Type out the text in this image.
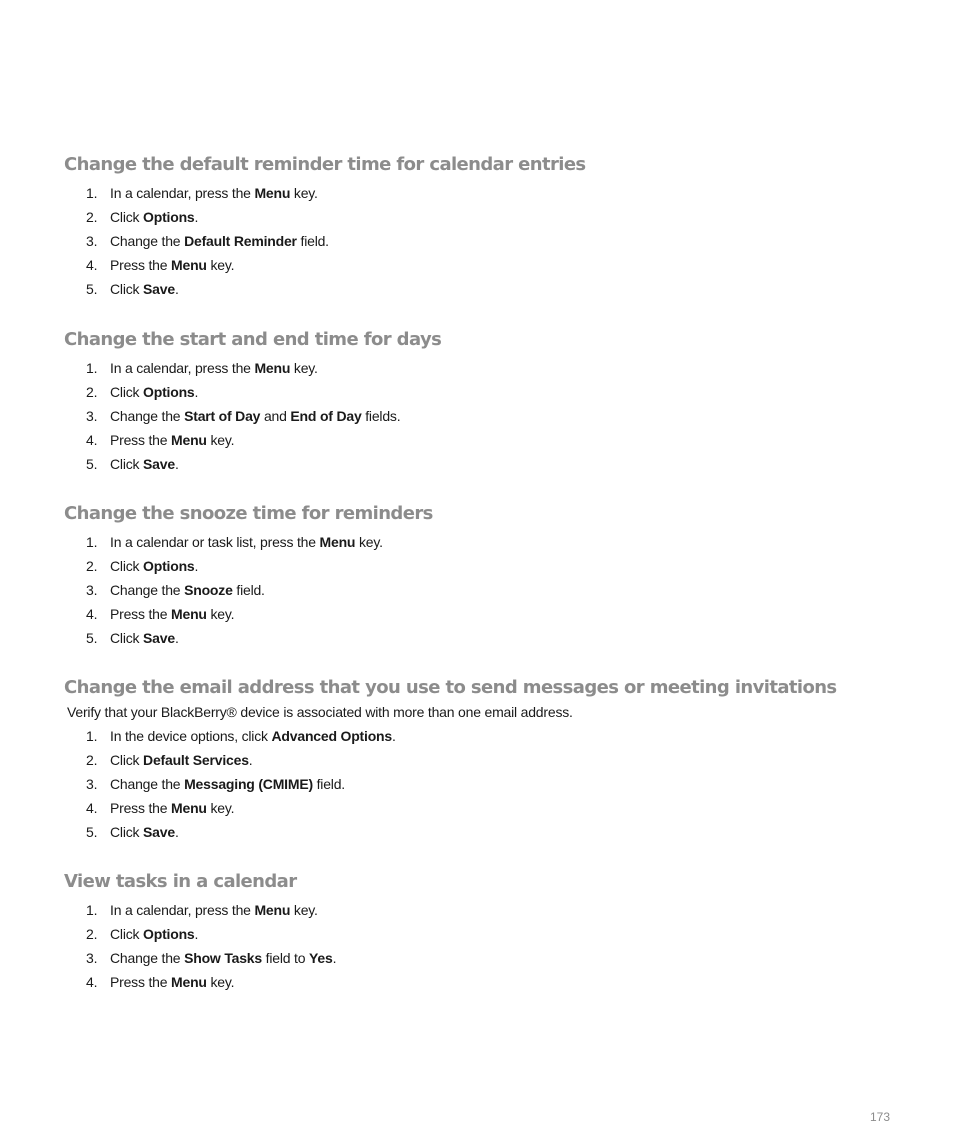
Change the default reminder time for calendar entries
1. In a calendar, press the Menu key.
2. Click Options.
3. Change the Default Reminder field.
4. Press the Menu key.
5. Click Save.
Change the start and end time for days
1. In a calendar, press the Menu key.
2. Click Options.
3. Change the Start of Day and End of Day fields.
4. Press the Menu key.
5. Click Save.
Change the snooze time for reminders
1. In a calendar or task list, press the Menu key.
2. Click Options.
3. Change the Snooze field.
4. Press the Menu key.
5. Click Save.
Change the email address that you use to send messages or meeting invitations

Verify that your BlackBerry® device is associated with more than one email address.

1. In the device options, click Advanced Options.
2. Click Default Services.
3. Change the Messaging (CMIME) field.
4. Press the Menu key.
5. Click Save.
View tasks in a calendar
1. In a calendar, press the Menu key.
2. Click Options.
3. Change the Show Tasks field to Yes.
4. Press the Menu key.
173
